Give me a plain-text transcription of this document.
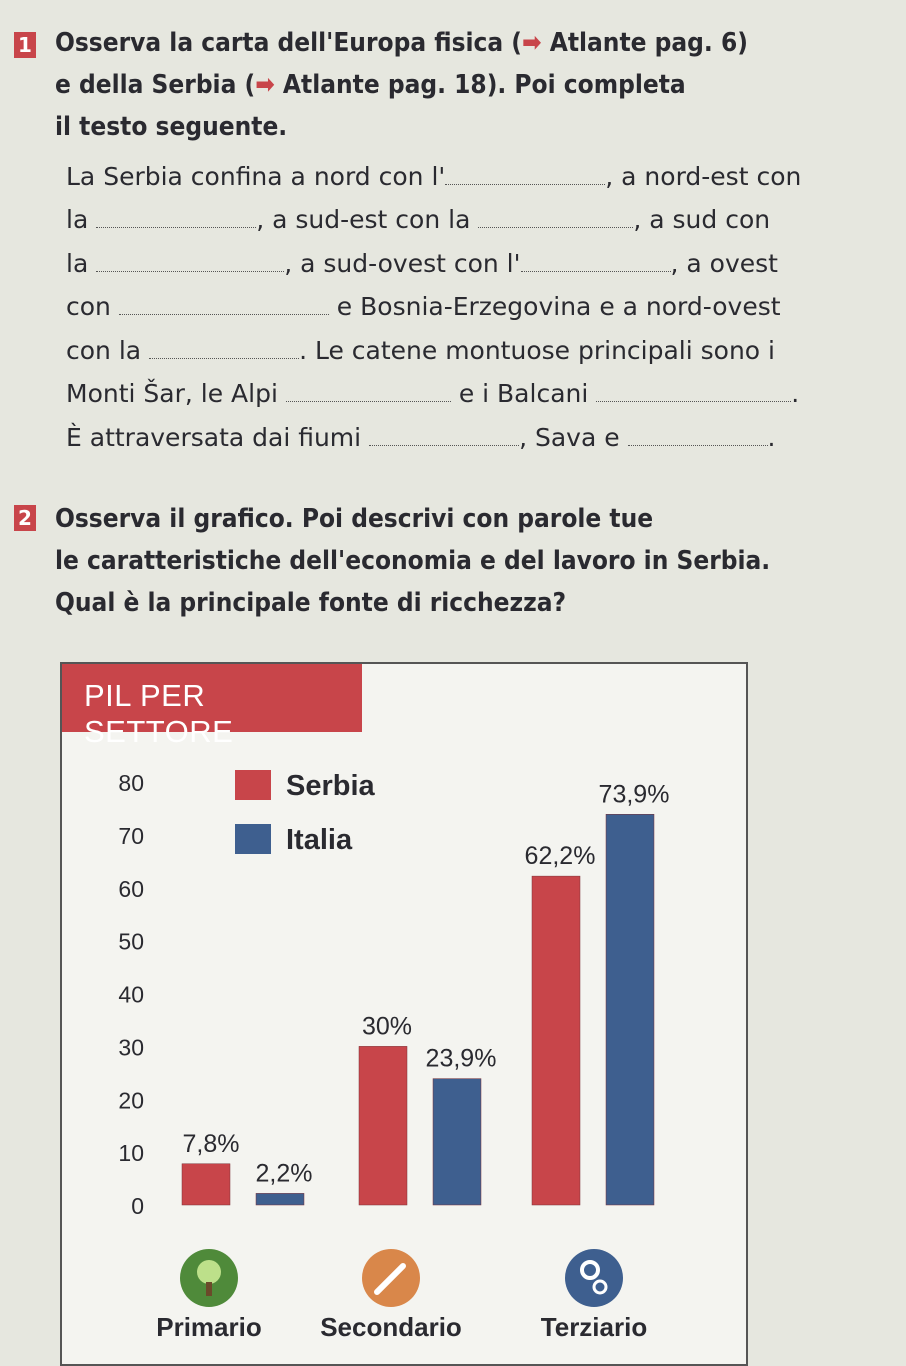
1 Osserva la carta dell'Europa fisica (➡ Atlante pag. 6)
e della Serbia (➡ Atlante pag. 18). Poi completa
il testo seguente.
La Serbia confina a nord con l'	, a nord-est con
la	, a sud-est con la	, a sud con
la	, a sud-ovest con l'	, a ovest
con	e Bosnia-Erzegovina e a nord-ovest
con la	. Le catene montuose principali sono i
Monti Šar, le Alpi	e i Balcani	.
È attraversata dai fiumi	, Sava e	.
2 Osserva il grafico. Poi descrivi con parole tue
le caratteristiche dell'economia e del lavoro in Serbia.
Qual è la principale fonte di ricchezza?
PIL PER SETTORE
0
10
20
30
40
50
60
70
80	Serbia
Italia
7,8%
2,2%
30%
23,9%
62,2%
73,9%
Primario Secondario	Terziario
